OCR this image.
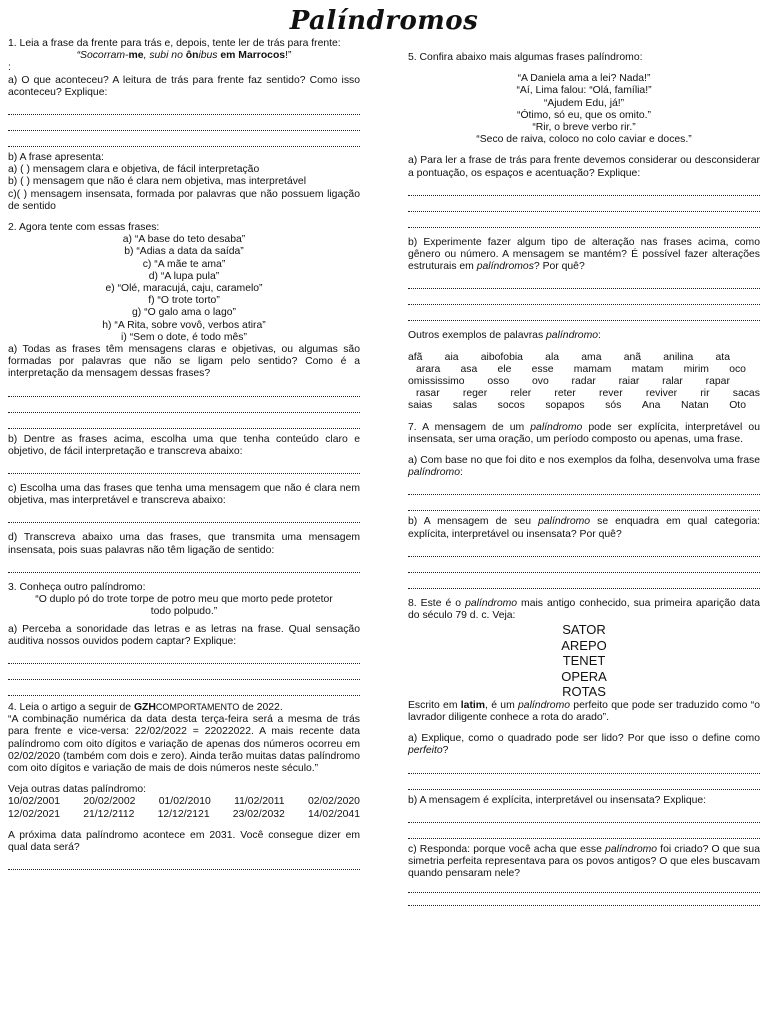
Palíndromos

1. Leia a frase da frente para trás e, depois, tente ler de trás para frente:

“Socorram-me, subi no ônibus em Marrocos!”

:

a) O que aconteceu? A leitura de trás para frente faz sentido? Como isso aconteceu? Explique:

b) A frase apresenta:

a) ( ) mensagem clara e objetiva, de fácil interpretação

b) ( ) mensagem que não é clara nem objetiva, mas interpretável

c)( ) mensagem insensata, formada por palavras que não possuem ligação de sentido

2. Agora tente com essas frases:

a) “A base do teto desaba”

b) “Adias a data da saída”

c) “A mãe te ama”

d) “A lupa pula”

e) “Olé, maracujá, caju, caramelo”

f) “O trote torto”

g) “O galo ama o lago”

h) “A Rita, sobre vovô, verbos atira”

i) “Sem o dote, é todo mês”

a) Todas as frases têm mensagens claras e objetivas, ou algumas são formadas por palavras que não se ligam pelo sentido? Como é a interpretação da mensagem dessas frases?

b) Dentre as frases acima, escolha uma que tenha conteúdo claro e objetivo, de fácil interpretação e transcreva abaixo:

c) Escolha uma das frases que tenha uma mensagem que não é clara nem objetiva, mas interpretável e transcreva abaixo:

d) Transcreva abaixo uma das frases, que transmita uma mensagem insensata, pois suas palavras não têm ligação de sentido:

3. Conheça outro palíndromo:

“O duplo pó do trote torpe de potro meu que morto pede protetor

todo polpudo.”

a) Perceba a sonoridade das letras e as letras na frase. Qual sensação auditiva nossos ouvidos podem captar? Explique:

4. Leia o artigo a seguir de GZHCOMPORTAMENTO de 2022.

“A combinação numérica da data desta terça-feira será a mesma de trás para frente e vice-versa: 22/02/2022 = 22022022. A mais recente data palíndromo com oito dígitos e variação de apenas dos números ocorreu em 02/02/2020 (também com dois e zero). Ainda terão muitas datas palíndromo com oito dígitos e variação de mais de dois números neste século.”

Veja outras datas palíndromo:

10/02/2001 20/02/2002 01/02/2010 11/02/2011 02/02/2020
12/02/2021 21/12/2112 12/12/2121 23/02/2032 14/02/2041

A próxima data palíndromo acontece em 2031. Você consegue dizer em qual data será?

5. Confira abaixo mais algumas frases palíndromo:

“A Daniela ama a lei? Nada!”

“Aí, Lima falou: “Olá, família!”

“Ajudem Edu, já!”

“Ótimo, só eu, que os omito.”

“Rir, o breve verbo rir.”

“Seco de raiva, coloco no colo caviar e doces.”

a) Para ler a frase de trás para frente devemos considerar ou desconsiderar a pontuação, os espaços e acentuação? Explique:

b) Experimente fazer algum tipo de alteração nas frases acima, como gênero ou número. A mensagem se mantém? É possível fazer alterações estruturais em palíndromos? Por quê?

Outros exemplos de palavras palíndromo:

afã aia aibofobia ala ama anã anilina ata
arara asa ele esse mamam matam mirim oco
omississimo osso ovo radar raiar ralar rapar
rasar reger reler reter rever reviver rir sacas
saias salas socos sopapos sós Ana Natan Oto

7. A mensagem de um palíndromo pode ser explícita, interpretável ou insensata, ser uma oração, um período composto ou apenas, uma frase.

a) Com base no que foi dito e nos exemplos da folha, desenvolva uma frase palíndromo:

b) A mensagem de seu palíndromo se enquadra em qual categoria: explícita, interpretável ou insensata? Por quê?

8. Este é o palíndromo mais antigo conhecido, sua primeira aparição data do século 79 d. c. Veja:

SATOR
AREPO
TENET
OPERA
ROTAS

Escrito em latim, é um palíndromo perfeito que pode ser traduzido como “o lavrador diligente conhece a rota do arado”.

a) Explique, como o quadrado pode ser lido? Por que isso o define como perfeito?

b) A mensagem é explícita, interpretável ou insensata? Explique:

c) Responda: porque você acha que esse palíndromo foi criado? O que sua simetria perfeita representava para os povos antigos? O que eles buscavam quando pensaram nele?
